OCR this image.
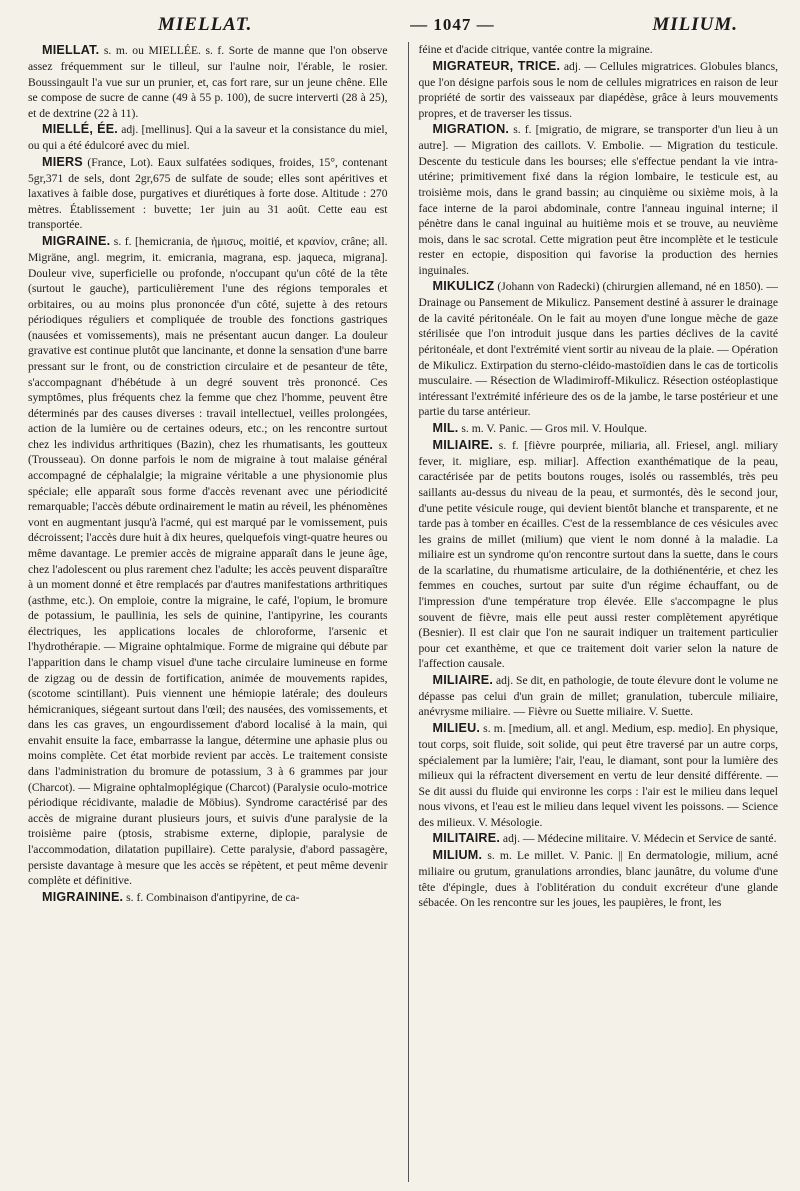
MIELLAT.	— 1047 —	MILIUM.

MIELLAT. s. m. ou MIELLÉE. s. f. Sorte de manne que l'on observe assez fréquemment sur le tilleul, sur l'aulne noir, l'érable, le rosier. Boussingault l'a vue sur un prunier, et, cas fort rare, sur un jeune chêne. Elle se compose de sucre de canne (49 à 55 p. 100), de sucre interverti (28 à 25), et de dextrine (22 à 11).

MIELLÉ, ÉE. adj. [mellinus]. Qui a la saveur et la consistance du miel, ou qui a été édulcoré avec du miel.

MIERS (France, Lot). Eaux sulfatées sodiques, froides, 15°, contenant 5gr,371 de sels, dont 2gr,675 de sulfate de soude; elles sont apéritives et laxatives à faible dose, purgatives et diurétiques à forte dose. Altitude : 270 mètres. Établissement : buvette; 1er juin au 31 août. Cette eau est transportée.

MIGRAINE. s. f. [hemicrania, de ἡμισυς, moitié, et κρανίον, crâne; all. Migräne, angl. megrim, it. emicrania, magrana, esp. jaqueca, migrana]. Douleur vive, superficielle ou profonde, n'occupant qu'un côté de la tête (surtout le gauche), particulièrement l'une des régions temporales et orbitaires, ou au moins plus prononcée d'un côté, sujette à des retours périodiques réguliers et compliquée de trouble des fonctions gastriques (nausées et vomissements), mais ne présentant aucun danger. La douleur gravative est continue plutôt que lancinante, et donne la sensation d'une barre pressant sur le front, ou de constriction circulaire et de pesanteur de tête, s'accompagnant d'hébétude à un degré souvent très prononcé. Ces symptômes, plus fréquents chez la femme que chez l'homme, peuvent être déterminés par des causes diverses : travail intellectuel, veilles prolongées, action de la lumière ou de certaines odeurs, etc.; on les rencontre surtout chez les individus arthritiques (Bazin), chez les rhumatisants, les goutteux (Trousseau). On donne parfois le nom de migraine à tout malaise général accompagné de céphalalgie; la migraine véritable a une physionomie plus spéciale; elle apparaît sous forme d'accès revenant avec une périodicité remarquable; l'accès débute ordinairement le matin au réveil, les phénomènes vont en augmentant jusqu'à l'acmé, qui est marqué par le vomissement, puis décroissent; l'accès dure huit à dix heures, quelquefois vingt-quatre heures ou même davantage. Le premier accès de migraine apparaît dans le jeune âge, chez l'adolescent ou plus rarement chez l'adulte; les accès peuvent disparaître à un moment donné et être remplacés par d'autres manifestations arthritiques (asthme, etc.). On emploie, contre la migraine, le café, l'opium, le bromure de potassium, le paullinia, les sels de quinine, l'antipyrine, les courants électriques, les applications locales de chloroforme, l'arsenic et l'hydrothérapie. — Migraine ophtalmique. Forme de migraine qui débute par l'apparition dans le champ visuel d'une tache circulaire lumineuse en forme de zigzag ou de dessin de fortification, animée de mouvements rapides, (scotome scintillant). Puis viennent une hémiopie latérale; des douleurs hémicraniques, siégeant surtout dans l'œil; des nausées, des vomissements, et dans les cas graves, un engourdissement d'abord localisé à la main, qui envahit ensuite la face, embarrasse la langue, détermine une aphasie plus ou moins complète. Cet état morbide revient par accès. Le traitement consiste dans l'administration du bromure de potassium, 3 à 6 grammes par jour (Charcot). — Migraine ophtalmoplégique (Charcot) (Paralysie oculo-motrice périodique récidivante, maladie de Möbius). Syndrome caractérisé par des accès de migraine durant plusieurs jours, et suivis d'une paralysie de la troisième paire (ptosis, strabisme externe, diplopie, paralysie de l'accommodation, dilatation pupillaire). Cette paralysie, d'abord passagère, persiste davantage à mesure que les accès se répètent, et peut même devenir complète et définitive.

MIGRAININE. s. f. Combinaison d'antipyrine, de ca-

féine et d'acide citrique, vantée contre la migraine.

MIGRATEUR, TRICE. adj. — Cellules migratrices. Globules blancs, que l'on désigne parfois sous le nom de cellules migratrices en raison de leur propriété de sortir des vaisseaux par diapédèse, grâce à leurs mouvements propres, et de traverser les tissus.

MIGRATION. s. f. [migratio, de migrare, se transporter d'un lieu à un autre]. — Migration des caillots. V. Embolie. — Migration du testicule. Descente du testicule dans les bourses; elle s'effectue pendant la vie intra-utérine; primitivement fixé dans la région lombaire, le testicule est, au troisième mois, dans le grand bassin; au cinquième ou sixième mois, à la face interne de la paroi abdominale, contre l'anneau inguinal interne; il pénètre dans le canal inguinal au huitième mois et se trouve, au neuvième mois, dans le sac scrotal. Cette migration peut être incomplète et le testicule rester en ectopie, disposition qui favorise la production des hernies inguinales.

MIKULICZ (Johann von Radecki) (chirurgien allemand, né en 1850). — Drainage ou Pansement de Mikulicz. Pansement destiné à assurer le drainage de la cavité péritonéale. On le fait au moyen d'une longue mèche de gaze stérilisée que l'on introduit jusque dans les parties déclives de la cavité péritonéale, et dont l'extrémité vient sortir au niveau de la plaie. — Opération de Mikulicz. Extirpation du sterno-cléido-mastoïdien dans le cas de torticolis musculaire. — Résection de Wladimiroff-Mikulicz. Résection ostéoplastique intéressant l'extrémité inférieure des os de la jambe, le tarse postérieur et une partie du tarse antérieur.

MIL. s. m. V. Panic. — Gros mil. V. Houlque.

MILIAIRE. s. f. [fièvre pourprée, miliaria, all. Friesel, angl. miliary fever, it. migliare, esp. miliar]. Affection exanthématique de la peau, caractérisée par de petits boutons rouges, isolés ou rassemblés, très peu saillants au-dessus du niveau de la peau, et surmontés, dès le second jour, d'une petite vésicule rouge, qui devient bientôt blanche et transparente, et ne tarde pas à tomber en écailles. C'est de la ressemblance de ces vésicules avec les grains de millet (milium) que vient le nom donné à la maladie. La miliaire est un syndrome qu'on rencontre surtout dans la suette, dans le cours de la scarlatine, du rhumatisme articulaire, de la dothiénentérie, et chez les femmes en couches, surtout par suite d'un régime échauffant, ou de l'impression d'une température trop élevée. Elle s'accompagne le plus souvent de fièvre, mais elle peut aussi rester complètement apyrétique (Besnier). Il est clair que l'on ne saurait indiquer un traitement particulier pour cet exanthème, et que ce traitement doit varier selon la nature de l'affection causale.

MILIAIRE. adj. Se dit, en pathologie, de toute élevure dont le volume ne dépasse pas celui d'un grain de millet; granulation, tubercule miliaire, anévrysme miliaire. — Fièvre ou Suette miliaire. V. Suette.

MILIEU. s. m. [medium, all. et angl. Medium, esp. medio]. En physique, tout corps, soit fluide, soit solide, qui peut être traversé par un autre corps, spécialement par la lumière; l'air, l'eau, le diamant, sont pour la lumière des milieux qui la réfractent diversement en vertu de leur densité différente. — Se dit aussi du fluide qui environne les corps : l'air est le milieu dans lequel nous vivons, et l'eau est le milieu dans lequel vivent les poissons. — Science des milieux. V. Mésologie.

MILITAIRE. adj. — Médecine militaire. V. Médecin et Service de santé.

MILIUM. s. m. Le millet. V. Panic. || En dermatologie, milium, acné miliaire ou grutum, granulations arrondies, blanc jaunâtre, du volume d'une tête d'épingle, dues à l'oblitération du conduit excréteur d'une glande sébacée. On les rencontre sur les joues, les paupières, le front, les
